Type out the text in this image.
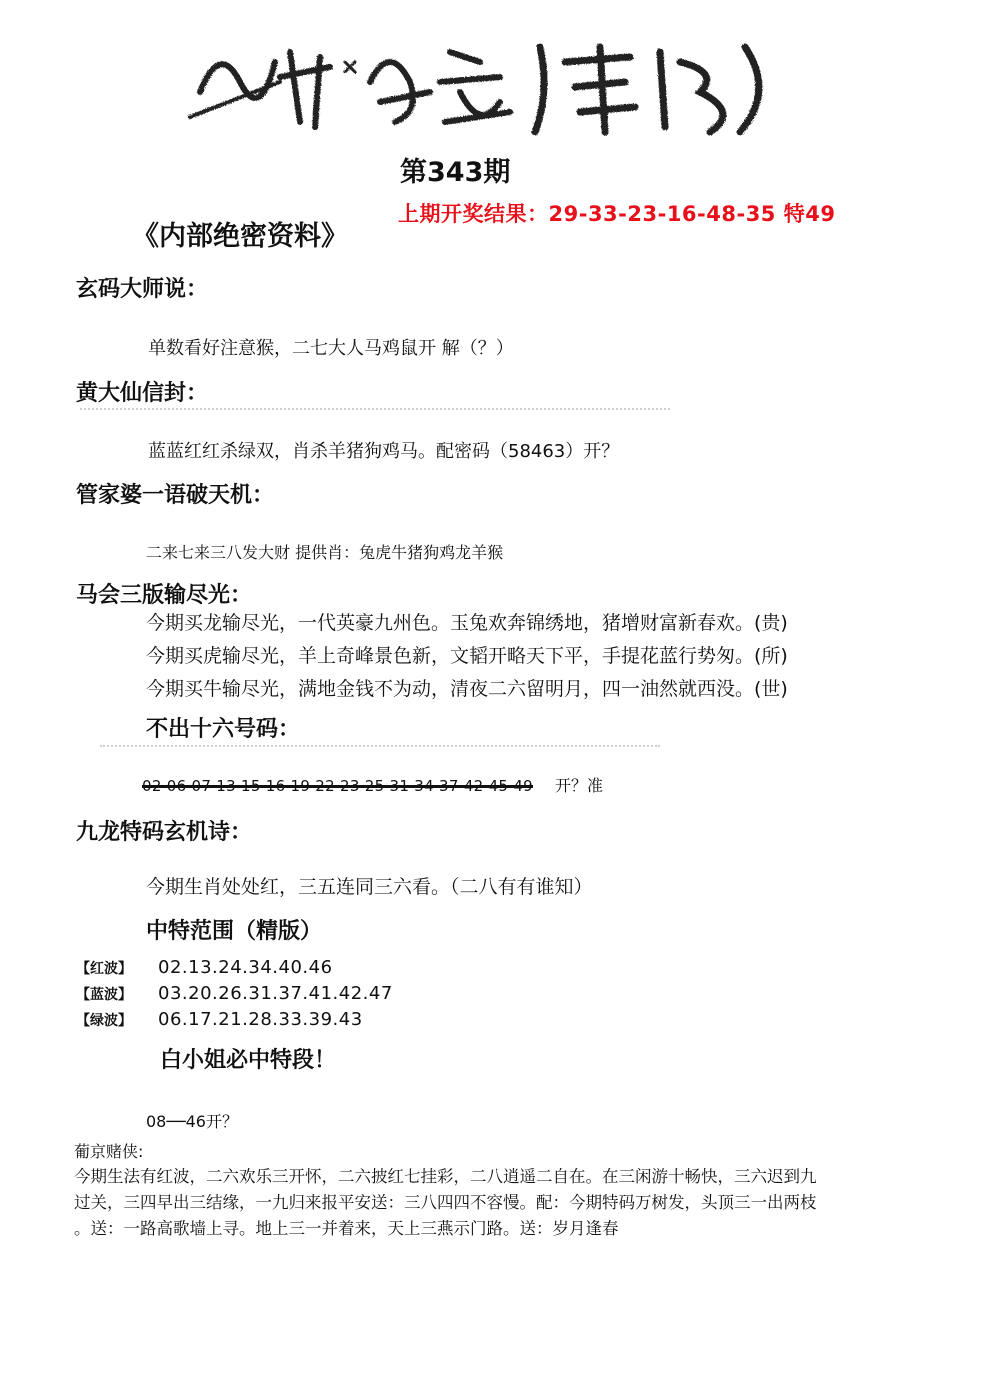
第343期
上期开奖结果：29-33-23-16-48-35 特49
《内部绝密资料》
玄码大师说：
单数看好注意猴，二七大人马鸡鼠开 解（？）
黄大仙信封：
蓝蓝红红杀绿双，肖杀羊猪狗鸡马。配密码（58463）开？
管家婆一语破天机：
二来七来三八发大财 提供肖：兔虎牛猪狗鸡龙羊猴
马会三版输尽光：
今期买龙输尽光，一代英豪九州色。玉兔欢奔锦绣地，猪增财富新春欢。(贵)
今期买虎输尽光，羊上奇峰景色新，文韬开略天下平，手提花蓝行势匆。(所)
今期买牛输尽光，满地金钱不为动，清夜二六留明月，四一油然就西没。(世)
不出十六号码：
02 06 07 13 15 16 19 22 23 25 31 34 37 42 45 49 开？准
九龙特码玄机诗：
今期生肖处处红，三五连同三六看。（二八有有谁知）
中特范围（精版）
【红波】 02.13.24.34.40.46
【蓝波】 03.20.26.31.37.41.42.47
【绿波】 06.17.21.28.33.39.43
白小姐必中特段！
08──46开？
葡京赌侠:
今期生法有红波，二六欢乐三开怀，二六披红七挂彩，二八逍遥二自在。在三闲游十畅快，三六迟到九
过关，三四早出三结缘，一九归来报平安送：三八四四不容慢。配：今期特码万树发，头顶三一出两枝
。送：一路高歌墙上寻。地上三一并着来，天上三燕示门路。送：岁月逢春
